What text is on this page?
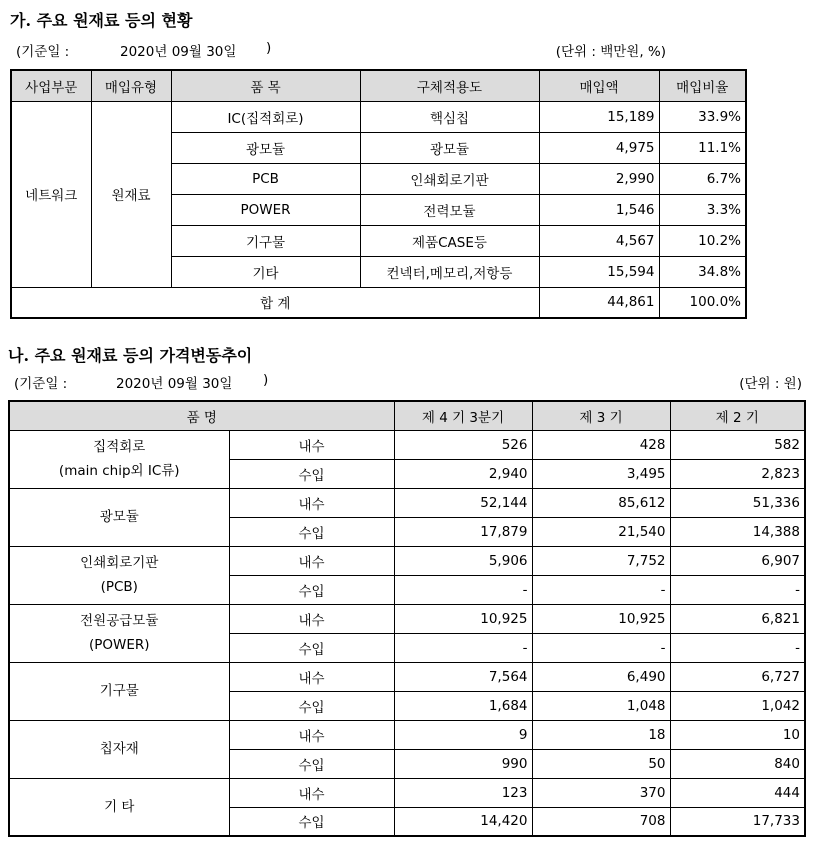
가. 주요 원재료 등의 현황
(기준일 :	2020년 09월 30일 )	(단위 : 백만원, %)
사업부문	매입유형	품 목	구체적용도	매입액	매입비율
네트워크	원재료	IC(집적회로)	핵심칩	15,189	33.9%
		광모듈	광모듈	4,975	11.1%
		PCB	인쇄회로기판	2,990	6.7%
		POWER	전력모듈	1,546	3.3%
		기구물	제품CASE등	4,567	10.2%
		기타	컨넥터,메모리,저항등	15,594	34.8%
합 계				44,861	100.0%
나. 주요 원재료 등의 가격변동추이
(기준일 :	2020년 09월 30일 )	(단위 : 원)
품 명		제 4 기 3분기	제 3 기	제 2 기

집적회로
(main chip외 IC류)	내수	526	428	582
	수입	2,940	3,495	2,823

광모듈	내수	52,144	85,612	51,336
	수입	17,879	21,540	14,388

인쇄회로기판
(PCB)	내수	5,906	7,752	6,907
	수입	-	-	-

전원공급모듈
(POWER)	내수	10,925	10,925	6,821
	수입	-	-	-

기구물	내수	7,564	6,490	6,727
	수입	1,684	1,048	1,042

칩자재	내수	9	18	10
	수입	990	50	840

기 타	내수	123	370	444
	수입	14,420	708	17,733
